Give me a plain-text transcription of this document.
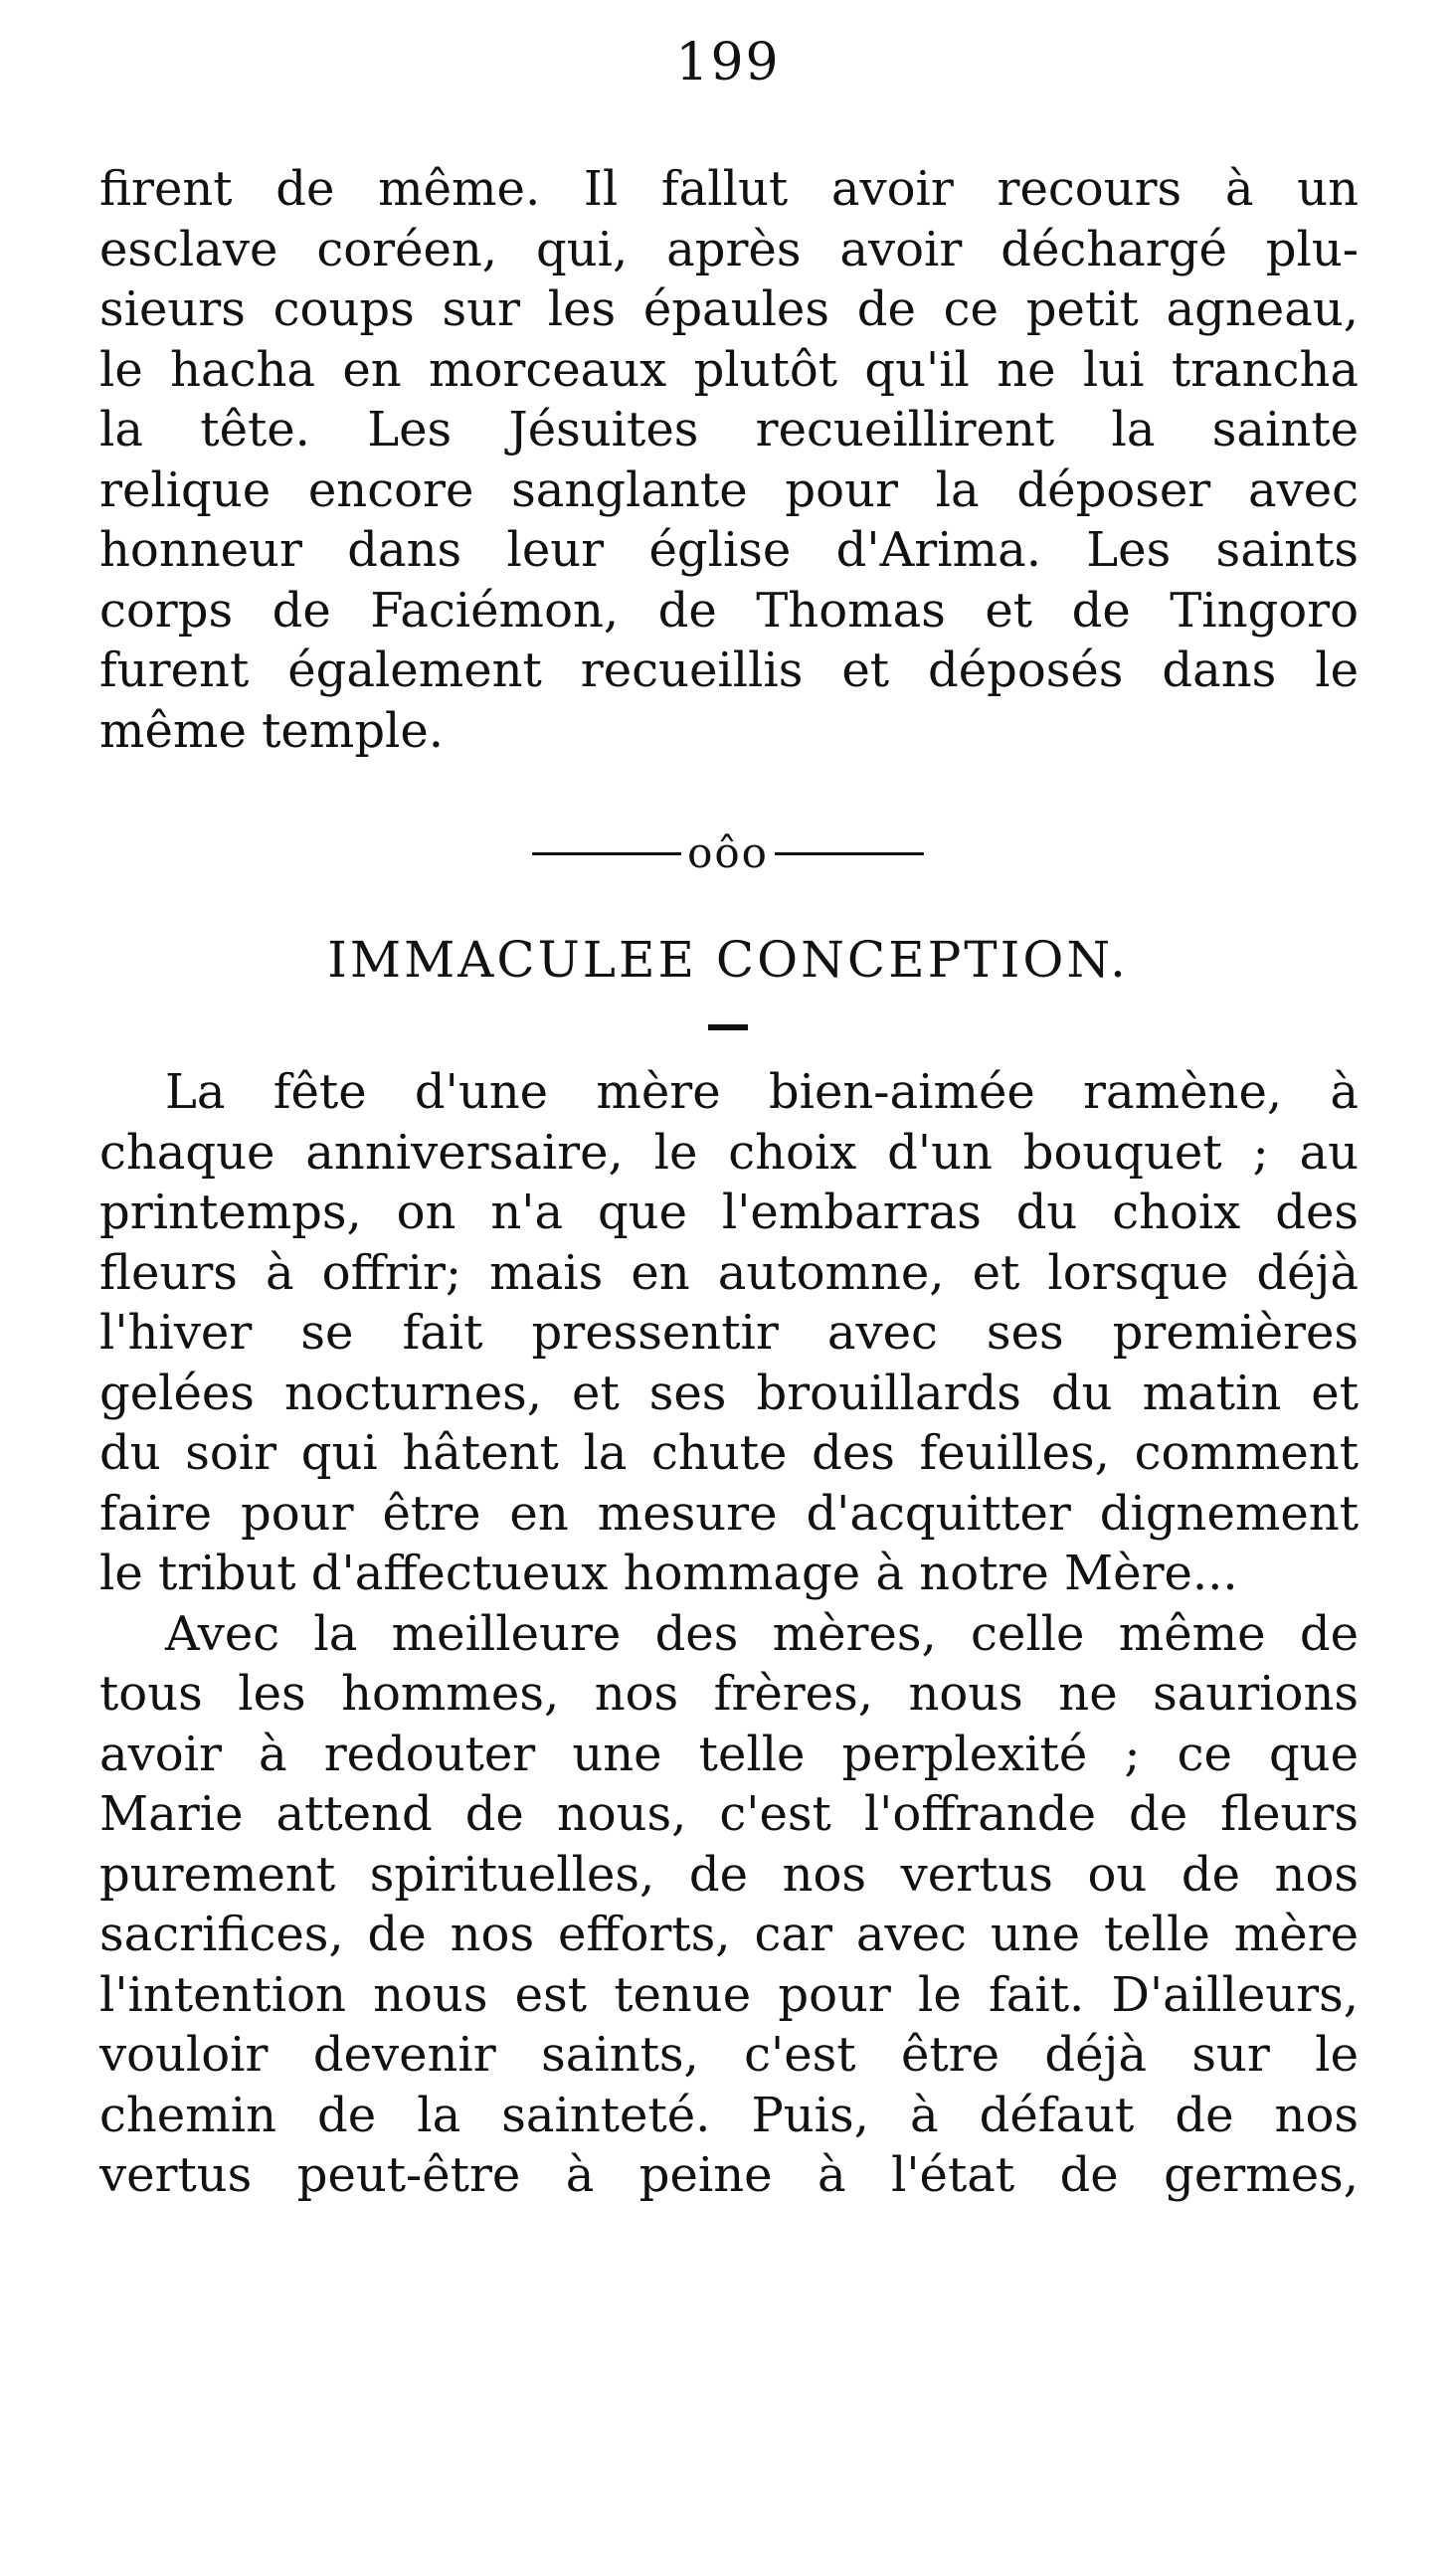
199
firent de même. Il fallut avoir recours à un
esclave coréen, qui, après avoir déchargé plu-
sieurs coups sur les épaules de ce petit agneau,
le hacha en morceaux plutôt qu'il ne lui trancha
la tête. Les Jésuites recueillirent la sainte
relique encore sanglante pour la déposer avec
honneur dans leur église d'Arima. Les saints
corps de Faciémon, de Thomas et de Tingoro
furent également recueillis et déposés dans le
même temple.
oôo
IMMACULEE CONCEPTION.
La fête d'une mère bien-aimée ramène, à
chaque anniversaire, le choix d'un bouquet ; au
printemps, on n'a que l'embarras du choix des
fleurs à offrir; mais en automne, et lorsque déjà
l'hiver se fait pressentir avec ses premières
gelées nocturnes, et ses brouillards du matin et
du soir qui hâtent la chute des feuilles, comment
faire pour être en mesure d'acquitter dignement
le tribut d'affectueux hommage à notre Mère...
Avec la meilleure des mères, celle même de
tous les hommes, nos frères, nous ne saurions
avoir à redouter une telle perplexité ; ce que
Marie attend de nous, c'est l'offrande de fleurs
purement spirituelles, de nos vertus ou de nos
sacrifices, de nos efforts, car avec une telle mère
l'intention nous est tenue pour le fait. D'ailleurs,
vouloir devenir saints, c'est être déjà sur le
chemin de la sainteté. Puis, à défaut de nos
vertus peut-être à peine à l'état de germes,
